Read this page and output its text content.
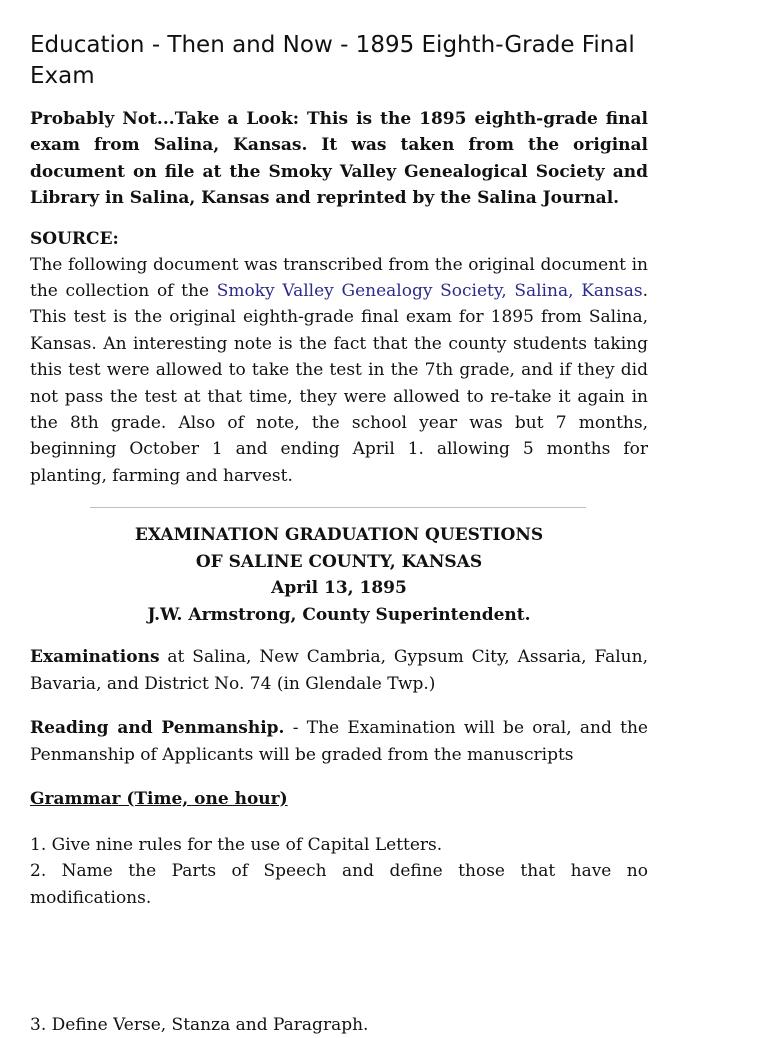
Education - Then and Now - 1895 Eighth-Grade Final Exam

Probably Not...Take a Look: This is the 1895 eighth-grade final exam from Salina, Kansas. It was taken from the original document on file at the Smoky Valley Genealogical Society and Library in Salina, Kansas and reprinted by the Salina Journal.

SOURCE:

The following document was transcribed from the original document in the collection of the Smoky Valley Genealogy Society, Salina, Kansas. This test is the original eighth-grade final exam for 1895 from Salina, Kansas. An interesting note is the fact that the county students taking this test were allowed to take the test in the 7th grade, and if they did not pass the test at that time, they were allowed to re-take it again in the 8th grade. Also of note, the school year was but 7 months, beginning October 1 and ending April 1. allowing 5 months for planting, farming and harvest.

EXAMINATION GRADUATION QUESTIONS
OF SALINE COUNTY, KANSAS
April 13, 1895
J.W. Armstrong, County Superintendent.

Examinations at Salina, New Cambria, Gypsum City, Assaria, Falun, Bavaria, and District No. 74 (in Glendale Twp.)

Reading and Penmanship. - The Examination will be oral, and the Penmanship of Applicants will be graded from the manuscripts

Grammar (Time, one hour)
1. Give nine rules for the use of Capital Letters.
2. Name the Parts of Speech and define those that have no modifications.
3. Define Verse, Stanza and Paragraph.
